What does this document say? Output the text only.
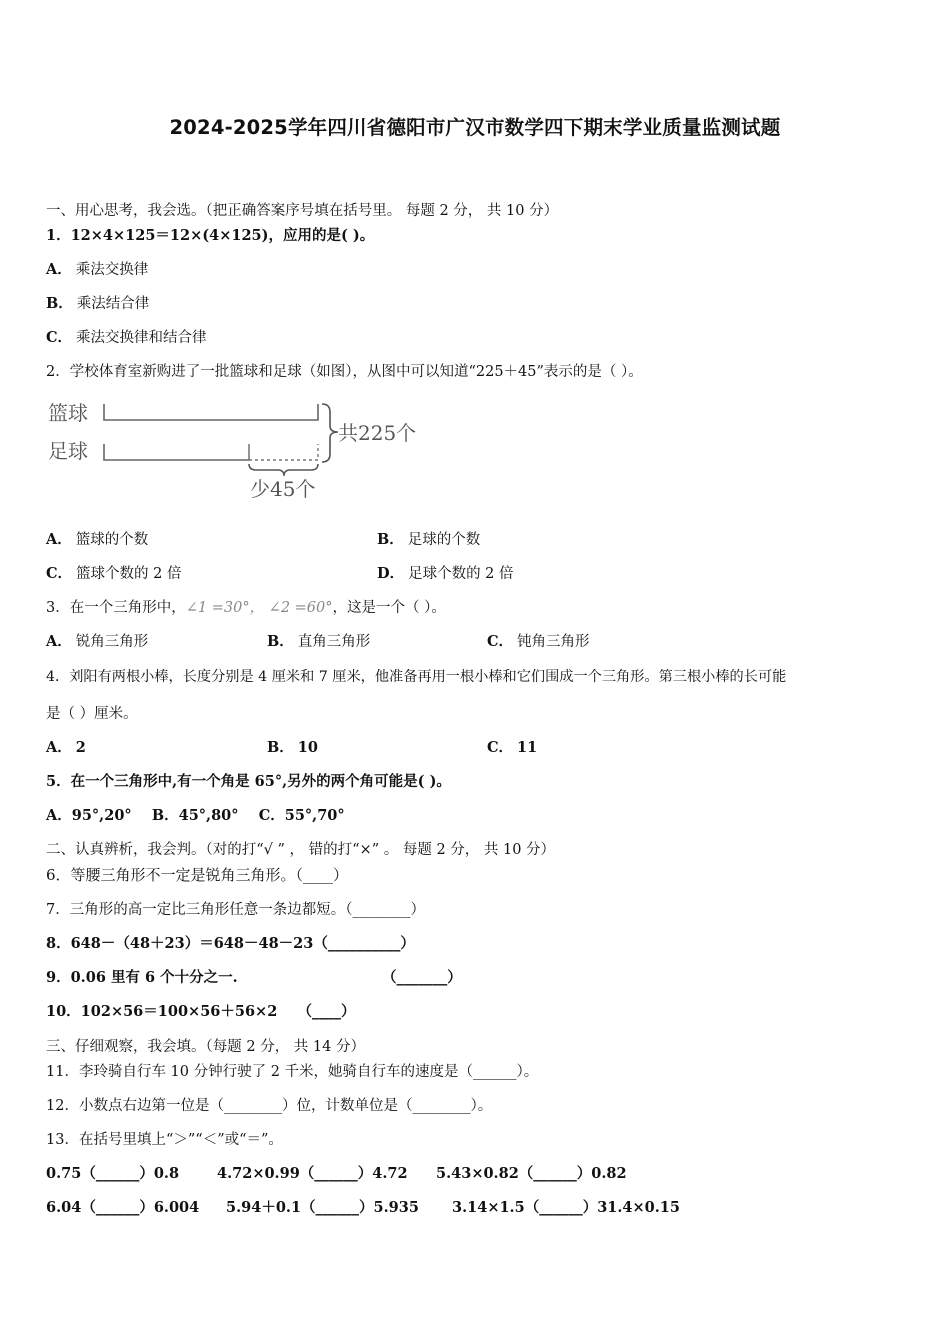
2024-2025学年四川省德阳市广汉市数学四下期末学业质量监测试题
一、用心思考，我会选。（把正确答案序号填在括号里。 每题 2 分， 共 10 分）
1．12×4×125＝12×(4×125)，应用的是( )。
A． 乘法交换律
B． 乘法结合律
C． 乘法交换律和结合律
2．学校体育室新购进了一批篮球和足球（如图），从图中可以知道“225＋45”表示的是（ ）。
篮球
足球
共225个
少45个
A． 篮球的个数	B． 足球的个数
C． 篮球个数的 2 倍	D． 足球个数的 2 倍
3．在一个三角形中，∠1 =30°， ∠2 =60°，这是一个（ ）。
A． 锐角三角形	B． 直角三角形	C． 钝角三角形
4．刘阳有两根小棒，长度分别是 4 厘米和 7 厘米，他准备再用一根小棒和它们围成一个三角形。第三根小棒的长可能
是（ ）厘米。
A． 2	B． 10	C． 11
5．在一个三角形中,有一个角是 65°,另外的两个角可能是( )。
A．95°,20°    B．45°,80°    C．55°,70°
二、认真辨析，我会判。（对的打“√ ” ， 错的打“×” 。 每题 2 分， 共 10 分）
6．等腰三角形不一定是锐角三角形。（____）
7．三角形的高一定比三角形任意一条边都短。（________）
8．648－（48＋23）＝648－48－23（__________）
9．0.06 里有 6 个十分之一.	（_______）
10．102×56＝100×56＋56×2    （____）
三、仔细观察，我会填。（每题 2 分， 共 14 分）
11．李玲骑自行车 10 分钟行驶了 2 千米，她骑自行车的速度是（______）。
12．小数点右边第一位是（________）位，计数单位是（________）。
13．在括号里填上“＞”“＜”或“＝”。
0.75（______）0.8	4.72×0.99（______）4.72 5.43×0.82（______）0.82
6.04（______）6.004 5.94＋0.1（______）5.935 3.14×1.5（______）31.4×0.15
